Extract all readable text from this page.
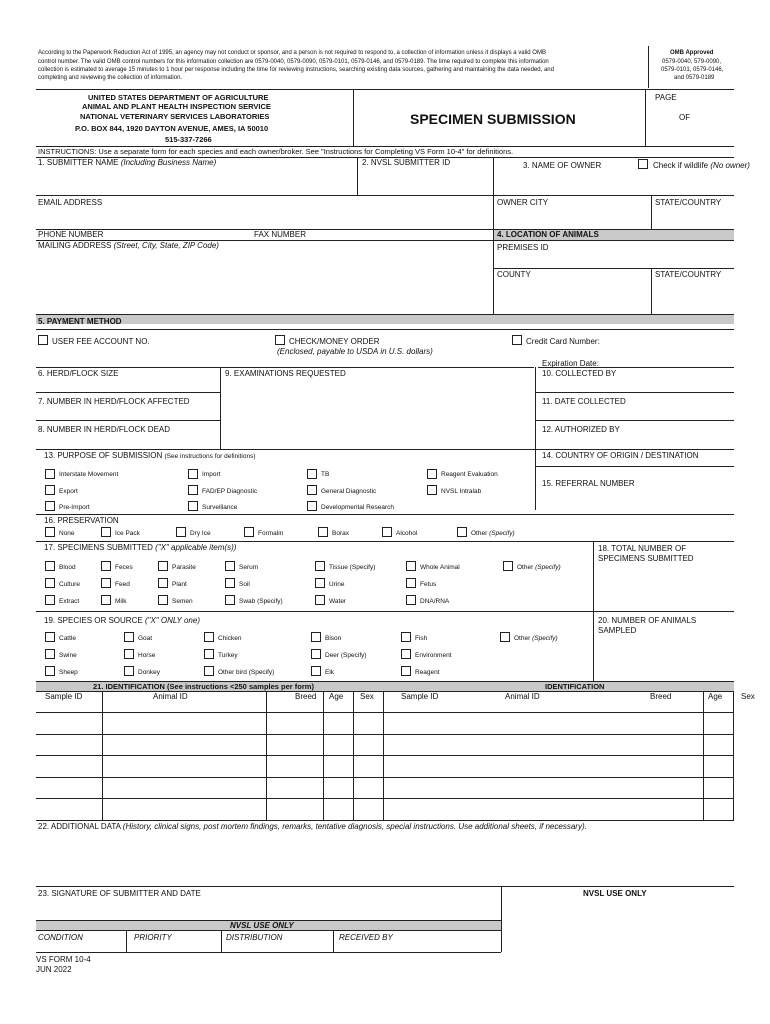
According to the Paperwork Reduction Act of 1995, an agency may not conduct or sponsor, and a person is not required to respond to, a collection of information unless it displays a valid OMB
control number. The valid OMB control numbers for this information collection are 0579-0040, 0579-0090, 0579-0101, 0579-0146, and 0579-0189. The time required to complete this information
collection is estimated to average 15 minutes to 1 hour per response including the time for reviewing instructions, searching existing data sources, gathering and maintaining the data needed, and
completing and reviewing the collection of information.
OMB Approved
0579-0040, 579-0090,
0579-0101, 0579-0146,
and 0579-0189
UNITED STATES DEPARTMENT OF AGRICULTURE
ANIMAL AND PLANT HEALTH INSPECTION SERVICE
NATIONAL VETERINARY SERVICES LABORATORIES
P.O. BOX 844, 1920 DAYTON AVENUE, AMES, IA 50010
515-337-7266
SPECIMEN SUBMISSION
PAGE
OF
INSTRUCTIONS: Use a separate form for each species and each owner/broker. See "Instructions for Completing VS Form 10-4" for definitions.
1. SUBMITTER NAME (Including Business Name)	2. NVSL SUBMITTER ID	3. NAME OF OWNER	Check if wildlife (No owner)
EMAIL ADDRESS	OWNER CITY	STATE/COUNTRY
PHONE NUMBER	FAX NUMBER	4. LOCATION OF ANIMALS
MAILING ADDRESS (Street, City, State, ZIP Code)	PREMISES ID
COUNTY	STATE/COUNTRY
5. PAYMENT METHOD
USER FEE ACCOUNT NO.	CHECK/MONEY ORDER
(Enclosed, payable to USDA in U.S. dollars)
Credit Card Number:
Expiration Date:
6. HERD/FLOCK SIZE	9. EXAMINATIONS REQUESTED	10. COLLECTED BY
7. NUMBER IN HERD/FLOCK AFFECTED	11. DATE COLLECTED
8. NUMBER IN HERD/FLOCK DEAD	12. AUTHORIZED BY
13. PURPOSE OF SUBMISSION (See instructions for definitions)	14. COUNTRY OF ORIGIN / DESTINATION
15. REFERRAL NUMBER
Interstate Movement	Import	TB	Reagent Evaluation
Export	FAD/EP Diagnostic	General Diagnostic	NVSL Intralab
Pre-Import	Surveillance	Developmental Research
16. PRESERVATION
None	Ice Pack	Dry Ice	Formalin	Borax	Alcohol	Other (Specify)
17. SPECIMENS SUBMITTED ("X" applicable item(s))	18. TOTAL NUMBER OF
SPECIMENS SUBMITTED
Blood	Feces	Parasite	Serum	Tissue (Specify)	Whole Animal	Other (Specify)
Culture	Feed	Plant	Soil	Urine	Fetus
Extract	Milk	Semen	Swab (Specify)	Water	DNA/RNA
19. SPECIES OR SOURCE ("X" ONLY one)	20. NUMBER OF ANIMALS
SAMPLED
Cattle	Goat	Chicken	Bison	Fish	Other (Specify)
Swine	Horse	Turkey	Deer (Specify)	Environment
Sheep	Donkey	Other bird (Specify)	Elk	Reagent
21. IDENTIFICATION (See instructions <250 samples per form)	IDENTIFICATION
Sample ID	Animal ID	Breed Age Sex	Sample ID	Animal ID	Breed	Age Sex
22. ADDITIONAL DATA (History, clinical signs, post mortem findings, remarks, tentative diagnosis, special instructions. Use additional sheets, if necessary).
23. SIGNATURE OF SUBMITTER AND DATE	NVSL USE ONLY
NVSL USE ONLY
CONDITION	PRIORITY	DISTRIBUTION	RECEIVED BY
VS FORM 10-4
JUN 2022
